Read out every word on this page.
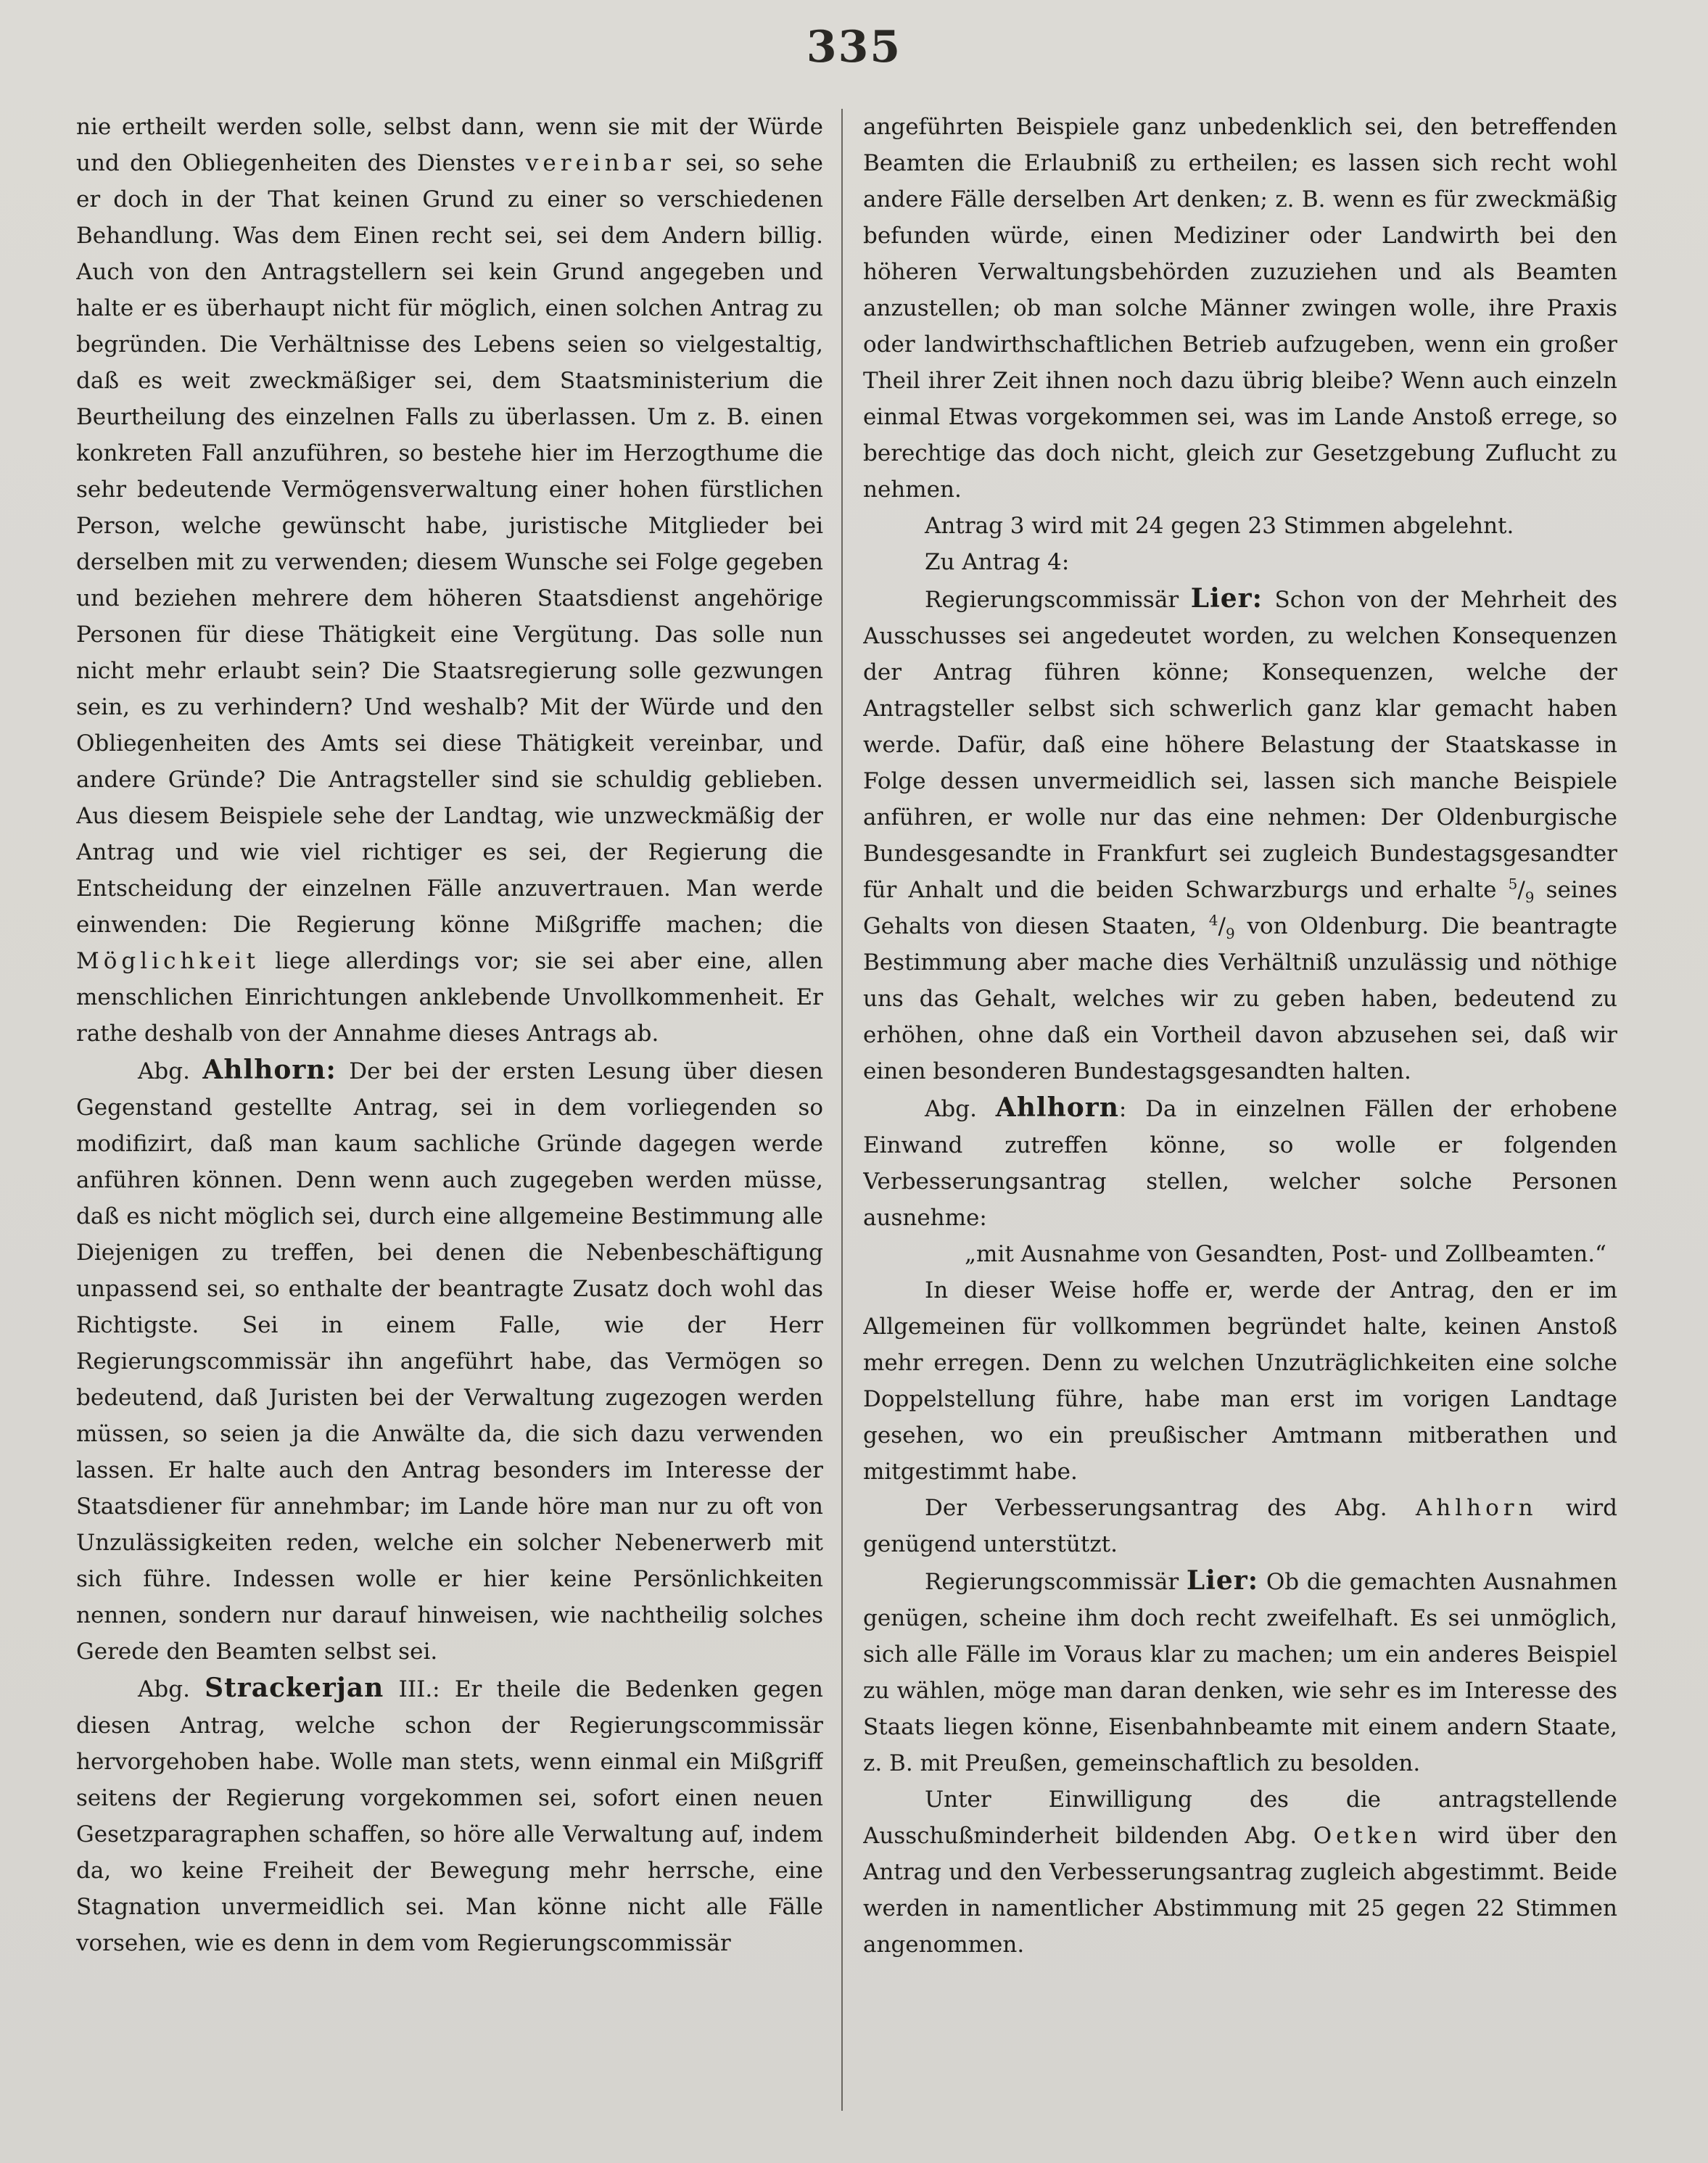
335

nie ertheilt werden solle, selbst dann, wenn sie mit der Würde und den Obliegenheiten des Dienstes vereinbar sei, so sehe er doch in der That keinen Grund zu einer so verschiedenen Behandlung. Was dem Einen recht sei, sei dem Andern billig. Auch von den Antragstellern sei kein Grund angegeben und halte er es überhaupt nicht für möglich, einen solchen Antrag zu begründen. Die Verhältnisse des Lebens seien so vielgestaltig, daß es weit zweckmäßiger sei, dem Staatsministerium die Beurtheilung des einzelnen Falls zu überlassen. Um z. B. einen konkreten Fall anzuführen, so bestehe hier im Herzogthume die sehr bedeutende Vermögensverwaltung einer hohen fürstlichen Person, welche gewünscht habe, juristische Mitglieder bei derselben mit zu verwenden; diesem Wunsche sei Folge gegeben und beziehen mehrere dem höheren Staatsdienst angehörige Personen für diese Thätigkeit eine Vergütung. Das solle nun nicht mehr erlaubt sein? Die Staatsregierung solle gezwungen sein, es zu verhindern? Und weshalb? Mit der Würde und den Obliegenheiten des Amts sei diese Thätigkeit vereinbar, und andere Gründe? Die Antragsteller sind sie schuldig geblieben. Aus diesem Beispiele sehe der Landtag, wie unzweckmäßig der Antrag und wie viel richtiger es sei, der Regierung die Entscheidung der einzelnen Fälle anzuvertrauen. Man werde einwenden: Die Regierung könne Mißgriffe machen; die Möglichkeit liege allerdings vor; sie sei aber eine, allen menschlichen Einrichtungen anklebende Unvollkommenheit. Er rathe deshalb von der Annahme dieses Antrags ab.

Abg. Ahlhorn: Der bei der ersten Lesung über diesen Gegenstand gestellte Antrag, sei in dem vorliegenden so modifizirt, daß man kaum sachliche Gründe dagegen werde anführen können. Denn wenn auch zugegeben werden müsse, daß es nicht möglich sei, durch eine allgemeine Bestimmung alle Diejenigen zu treffen, bei denen die Nebenbeschäftigung unpassend sei, so enthalte der beantragte Zusatz doch wohl das Richtigste. Sei in einem Falle, wie der Herr Regierungscommissär ihn angeführt habe, das Vermögen so bedeutend, daß Juristen bei der Verwaltung zugezogen werden müssen, so seien ja die Anwälte da, die sich dazu verwenden lassen. Er halte auch den Antrag besonders im Interesse der Staatsdiener für annehmbar; im Lande höre man nur zu oft von Unzulässigkeiten reden, welche ein solcher Nebenerwerb mit sich führe. Indessen wolle er hier keine Persönlichkeiten nennen, sondern nur darauf hinweisen, wie nachtheilig solches Gerede den Beamten selbst sei.

Abg. Strackerjan III.: Er theile die Bedenken gegen diesen Antrag, welche schon der Regierungscommissär hervorgehoben habe. Wolle man stets, wenn einmal ein Mißgriff seitens der Regierung vorgekommen sei, sofort einen neuen Gesetzparagraphen schaffen, so höre alle Verwaltung auf, indem da, wo keine Freiheit der Bewegung mehr herrsche, eine Stagnation unvermeidlich sei. Man könne nicht alle Fälle vorsehen, wie es denn in dem vom Regierungscommissär

angeführten Beispiele ganz unbedenklich sei, den betreffenden Beamten die Erlaubniß zu ertheilen; es lassen sich recht wohl andere Fälle derselben Art denken; z. B. wenn es für zweckmäßig befunden würde, einen Mediziner oder Landwirth bei den höheren Verwaltungsbehörden zuzuziehen und als Beamten anzustellen; ob man solche Männer zwingen wolle, ihre Praxis oder landwirthschaftlichen Betrieb aufzugeben, wenn ein großer Theil ihrer Zeit ihnen noch dazu übrig bleibe? Wenn auch einzeln einmal Etwas vorgekommen sei, was im Lande Anstoß errege, so berechtige das doch nicht, gleich zur Gesetzgebung Zuflucht zu nehmen.

Antrag 3 wird mit 24 gegen 23 Stimmen abgelehnt.

Zu Antrag 4:

Regierungscommissär Lier: Schon von der Mehrheit des Ausschusses sei angedeutet worden, zu welchen Konsequenzen der Antrag führen könne; Konsequenzen, welche der Antragsteller selbst sich schwerlich ganz klar gemacht haben werde. Dafür, daß eine höhere Belastung der Staatskasse in Folge dessen unvermeidlich sei, lassen sich manche Beispiele anführen, er wolle nur das eine nehmen: Der Oldenburgische Bundesgesandte in Frankfurt sei zugleich Bundestagsgesandter für Anhalt und die beiden Schwarzburgs und erhalte $^5/_9$ seines Gehalts von diesen Staaten, $^4/_9$ von Oldenburg. Die beantragte Bestimmung aber mache dies Verhältniß unzulässig und nöthige uns das Gehalt, welches wir zu geben haben, bedeutend zu erhöhen, ohne daß ein Vortheil davon abzusehen sei, daß wir einen besonderen Bundestagsgesandten halten.

Abg. Ahlhorn: Da in einzelnen Fällen der erhobene Einwand zutreffen könne, so wolle er folgenden Verbesserungsantrag stellen, welcher solche Personen ausnehme:

„mit Ausnahme von Gesandten, Post- und Zollbeamten.“

In dieser Weise hoffe er, werde der Antrag, den er im Allgemeinen für vollkommen begründet halte, keinen Anstoß mehr erregen. Denn zu welchen Unzuträglichkeiten eine solche Doppelstellung führe, habe man erst im vorigen Landtage gesehen, wo ein preußischer Amtmann mitberathen und mitgestimmt habe.

Der Verbesserungsantrag des Abg. Ahlhorn wird genügend unterstützt.

Regierungscommissär Lier: Ob die gemachten Ausnahmen genügen, scheine ihm doch recht zweifelhaft. Es sei unmöglich, sich alle Fälle im Voraus klar zu machen; um ein anderes Beispiel zu wählen, möge man daran denken, wie sehr es im Interesse des Staats liegen könne, Eisenbahnbeamte mit einem andern Staate, z. B. mit Preußen, gemeinschaftlich zu besolden.

Unter Einwilligung des die antragstellende Ausschußminderheit bildenden Abg. Oetken wird über den Antrag und den Verbesserungsantrag zugleich abgestimmt. Beide werden in namentlicher Abstimmung mit 25 gegen 22 Stimmen angenommen.
